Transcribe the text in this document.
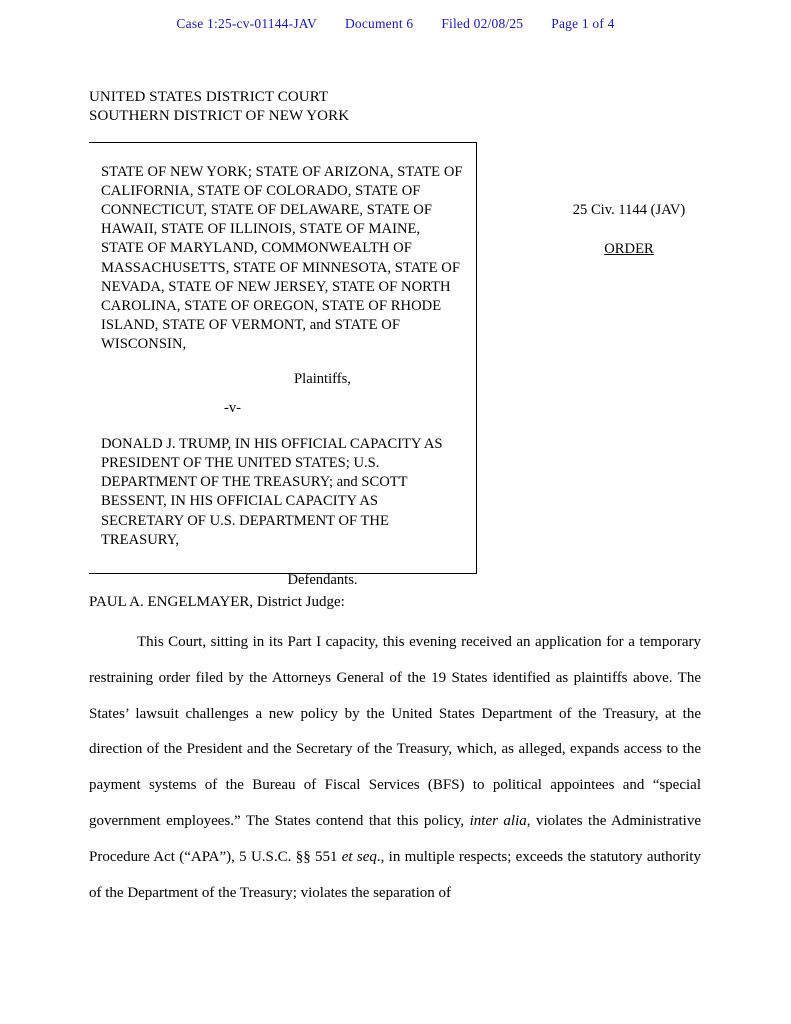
Case 1:25-cv-01144-JAV Document 6 Filed 02/08/25 Page 1 of 4
UNITED STATES DISTRICT COURT
SOUTHERN DISTRICT OF NEW YORK
STATE OF NEW YORK; STATE OF ARIZONA, STATE OF CALIFORNIA, STATE OF COLORADO, STATE OF CONNECTICUT, STATE OF DELAWARE, STATE OF HAWAII, STATE OF ILLINOIS, STATE OF MAINE, STATE OF MARYLAND, COMMONWEALTH OF MASSACHUSETTS, STATE OF MINNESOTA, STATE OF NEVADA, STATE OF NEW JERSEY, STATE OF NORTH CAROLINA, STATE OF OREGON, STATE OF RHODE ISLAND, STATE OF VERMONT, and STATE OF WISCONSIN,
Plaintiffs,
-v-
DONALD J. TRUMP, IN HIS OFFICIAL CAPACITY AS PRESIDENT OF THE UNITED STATES; U.S. DEPARTMENT OF THE TREASURY; and SCOTT BESSENT, IN HIS OFFICIAL CAPACITY AS SECRETARY OF U.S. DEPARTMENT OF THE TREASURY,
Defendants.
25 Civ. 1144 (JAV)
ORDER
PAUL A. ENGELMAYER, District Judge:

This Court, sitting in its Part I capacity, this evening received an application for a temporary restraining order filed by the Attorneys General of the 19 States identified as plaintiffs above. The States’ lawsuit challenges a new policy by the United States Department of the Treasury, at the direction of the President and the Secretary of the Treasury, which, as alleged, expands access to the payment systems of the Bureau of Fiscal Services (BFS) to political appointees and “special government employees.” The States contend that this policy, inter alia, violates the Administrative Procedure Act (“APA”), 5 U.S.C. §§ 551 et seq., in multiple respects; exceeds the statutory authority of the Department of the Treasury; violates the separation of
